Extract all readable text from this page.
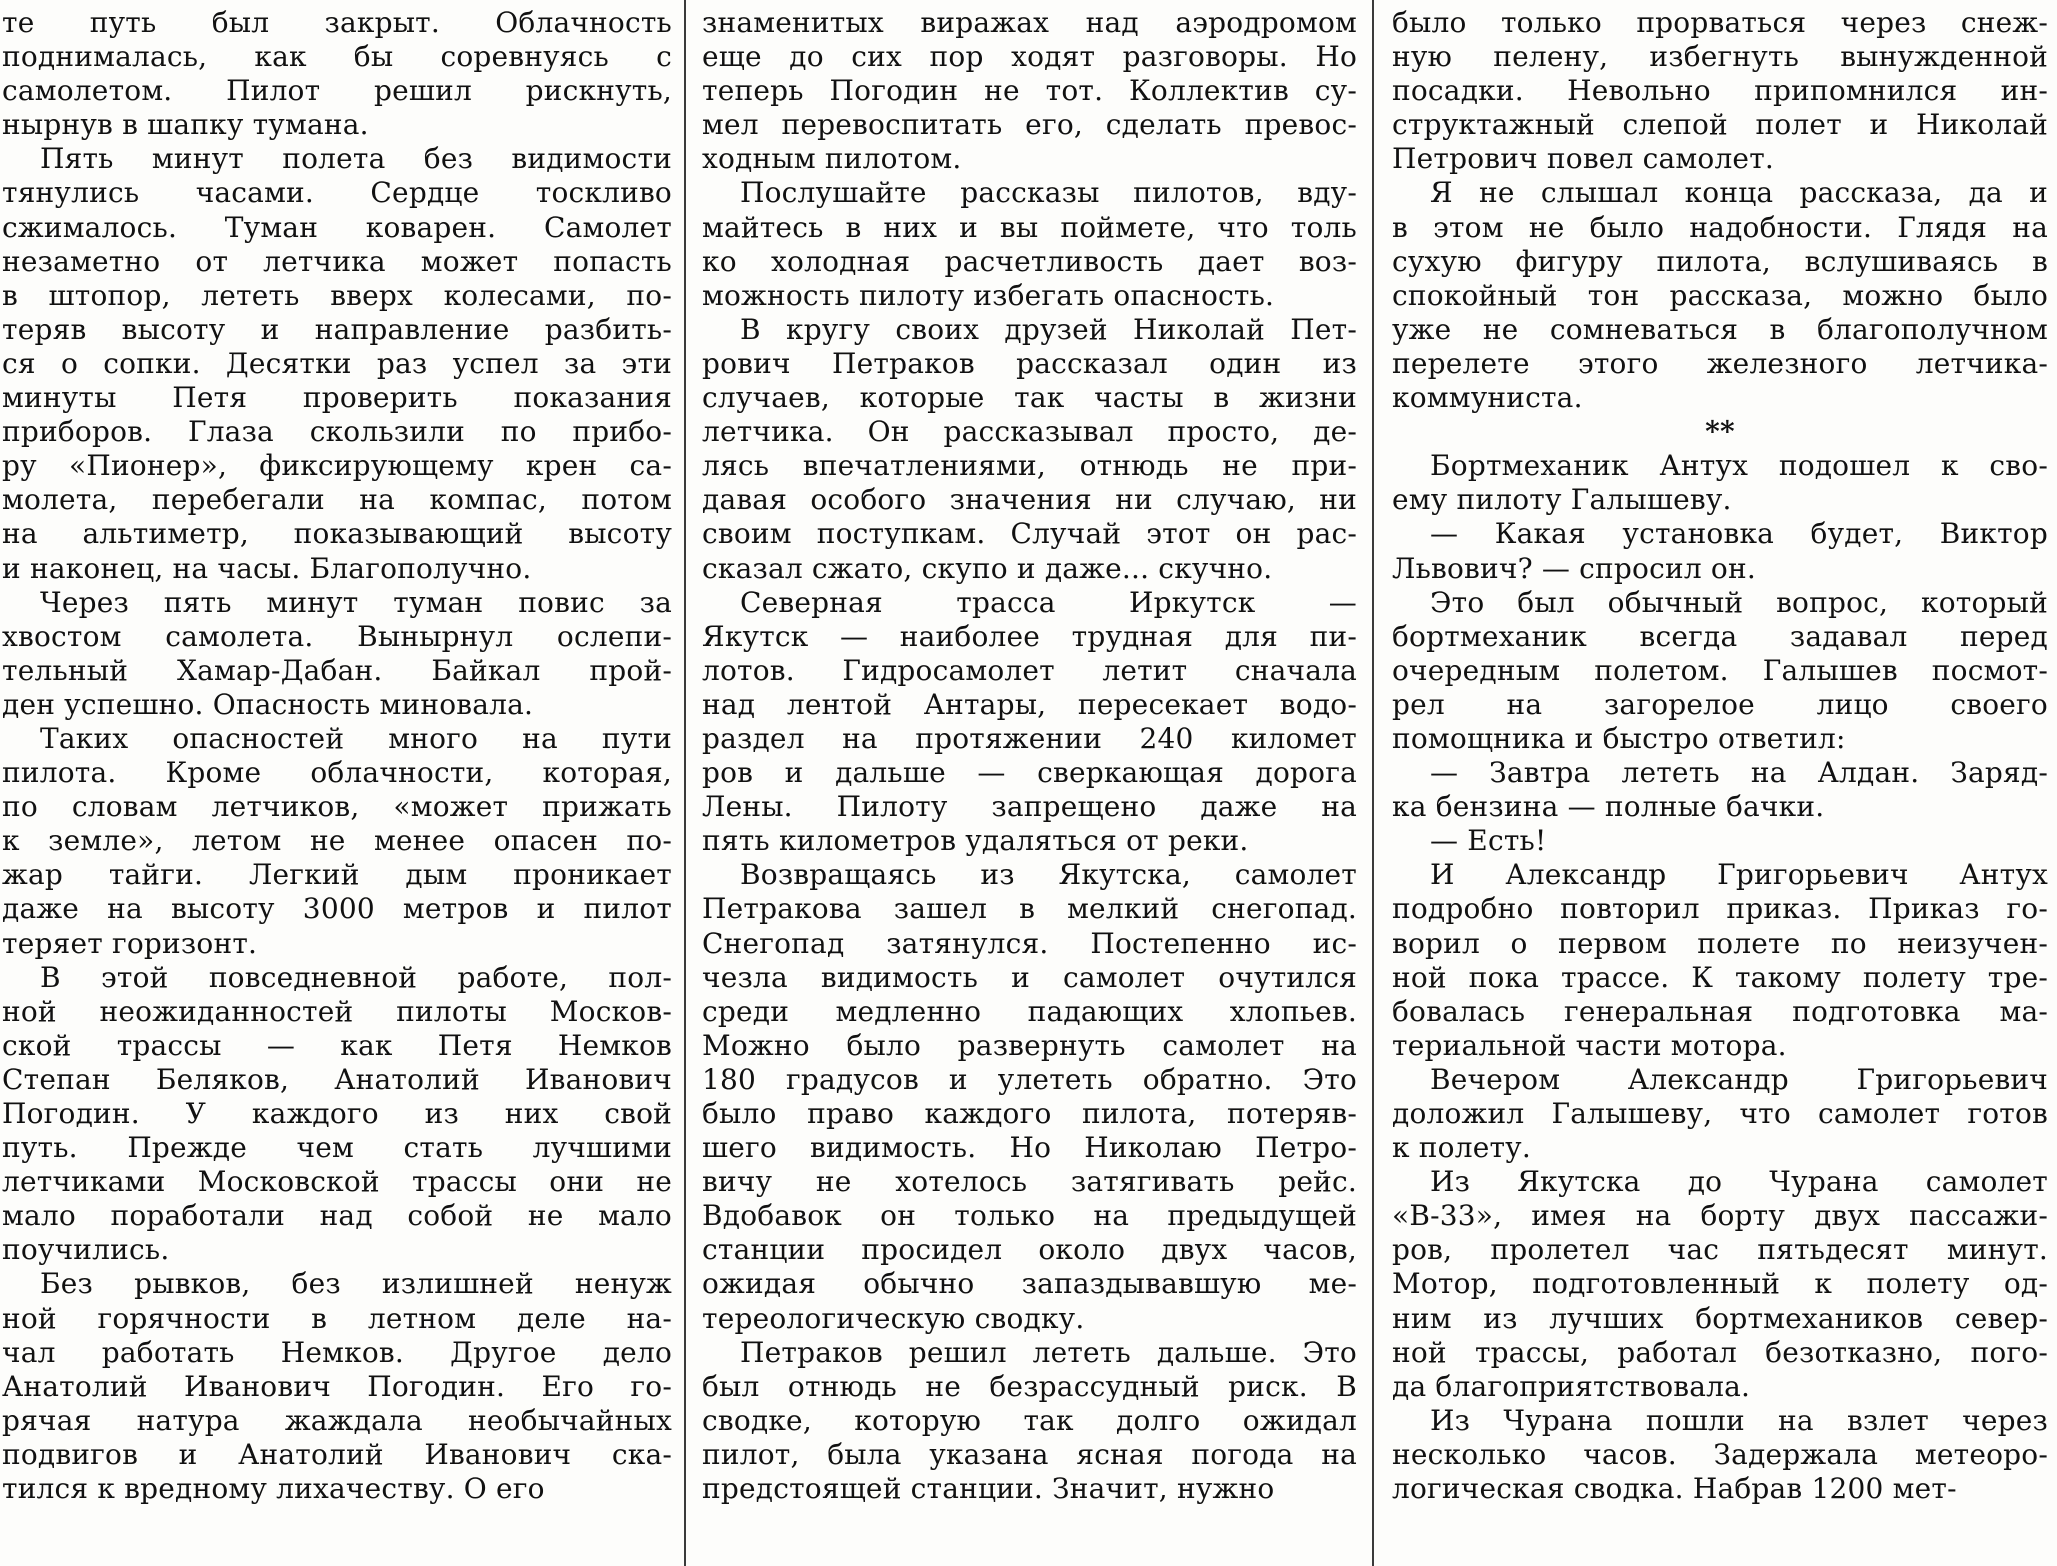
те путь был закрыт. Облачность
поднималась, как бы соревнуясь с
самолетом. Пилот решил рискнуть,
нырнув в шапку тумана.
Пять минут полета без видимости
тянулись часами. Сердце тоскливо
сжималось. Туман коварен. Самолет
незаметно от летчика может попасть
в штопор, лететь вверх колесами, по-
теряв высоту и направление разбить-
ся о сопки. Десятки раз успел за эти
минуты Петя проверить показания
приборов. Глаза скользили по прибо-
ру «Пионер», фиксирующему крен са-
молета, перебегали на компас, потом
на альтиметр, показывающий высоту
и наконец, на часы. Благополучно.
Через пять минут туман повис за
хвостом самолета. Вынырнул ослепи-
тельный Хамар-Дабан. Байкал прой-
ден успешно. Опасность миновала.
Таких опасностей много на пути
пилота. Кроме облачности, которая,
по словам летчиков, «может прижать
к земле», летом не менее опасен по-
жар тайги. Легкий дым проникает
даже на высоту 3000 метров и пилот
теряет горизонт.
В этой повседневной работе, пол-
ной неожиданностей пилоты Москов-
ской трассы — как Петя Немков
Степан Беляков, Анатолий Иванович
Погодин. У каждого из них свой
путь. Прежде чем стать лучшими
летчиками Московской трассы они не
мало поработали над собой не мало
поучились.
Без рывков, без излишней ненуж
ной горячности в летном деле на-
чал работать Немков. Другое дело
Анатолий Иванович Погодин. Его го-
рячая натура жаждала необычайных
подвигов и Анатолий Иванович ска-
тился к вредному лихачеству. О его
знаменитых виражах над аэродромом
еще до сих пор ходят разговоры. Но
теперь Погодин не тот. Коллектив су-
мел перевоспитать его, сделать превос-
ходным пилотом.
Послушайте рассказы пилотов, вду-
майтесь в них и вы поймете, что толь
ко холодная расчетливость дает воз-
можность пилоту избегать опасность.
В кругу своих друзей Николай Пет-
рович Петраков рассказал один из
случаев, которые так часты в жизни
летчика. Он рассказывал просто, де-
лясь впечатлениями, отнюдь не при-
давая особого значения ни случаю, ни
своим поступкам. Случай этот он рас-
сказал сжато, скупо и даже... скучно.
Северная трасса Иркутск —
Якутск — наиболее трудная для пи-
лотов. Гидросамолет летит сначала
над лентой Антары, пересекает водо-
раздел на протяжении 240 километ
ров и дальше — сверкающая дорога
Лены. Пилоту запрещено даже на
пять километров удаляться от реки.
Возвращаясь из Якутска, самолет
Петракова зашел в мелкий снегопад.
Снегопад затянулся. Постепенно ис-
чезла видимость и самолет очутился
среди медленно падающих хлопьев.
Можно было развернуть самолет на
180 градусов и улететь обратно. Это
было право каждого пилота, потеряв-
шего видимость. Но Николаю Петро-
вичу не хотелось затягивать рейс.
Вдобавок он только на предыдущей
станции просидел около двух часов,
ожидая обычно запаздывавшую ме-
тереологическую сводку.
Петраков решил лететь дальше. Это
был отнюдь не безрассудный риск. В
сводке, которую так долго ожидал
пилот, была указана ясная погода на
предстоящей станции. Значит, нужно
было только прорваться через снеж-
ную пелену, избегнуть вынужденной
посадки. Невольно припомнился ин-
структажный слепой полет и Николай
Петрович повел самолет.
Я не слышал конца рассказа, да и
в этом не было надобности. Глядя на
сухую фигуру пилота, вслушиваясь в
спокойный тон рассказа, можно было
уже не сомневаться в благополучном
перелете этого железного летчика-
коммуниста.
**
Бортмеханик Антух подошел к сво-
ему пилоту Галышеву.
— Какая установка будет, Виктор
Львович? — спросил он.
Это был обычный вопрос, который
бортмеханик всегда задавал перед
очередным полетом. Галышев посмот-
рел на загорелое лицо своего
помощника и быстро ответил:
— Завтра лететь на Алдан. Заряд-
ка бензина — полные бачки.
— Есть!
И Александр Григорьевич Антух
подробно повторил приказ. Приказ го-
ворил о первом полете по неизучен-
ной пока трассе. К такому полету тре-
бовалась генеральная подготовка ма-
териальной части мотора.
Вечером Александр Григорьевич
доложил Галышеву, что самолет готов
к полету.
Из Якутска до Чурана самолет
«В-33», имея на борту двух пассажи-
ров, пролетел час пятьдесят минут.
Мотор, подготовленный к полету од-
ним из лучших бортмехаников север-
ной трассы, работал безотказно, пого-
да благоприятствовала.
Из Чурана пошли на взлет через
несколько часов. Задержала метеоро-
логическая сводка. Набрав 1200 мет-
